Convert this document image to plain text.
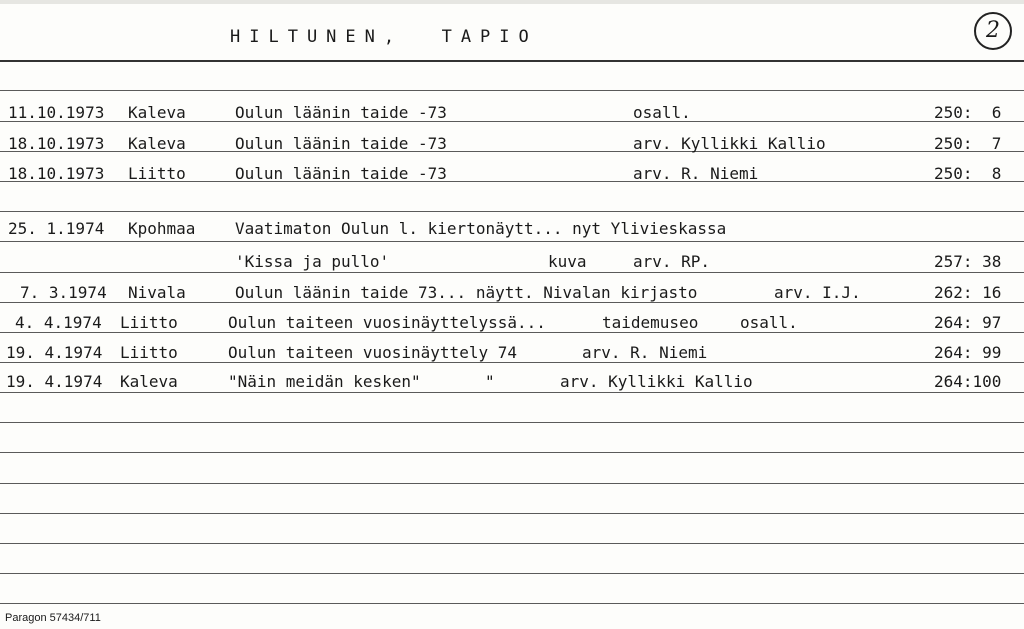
HILTUNEN,  TAPIO	2
11.10.1973 Kaleva	Oulun läänin taide -73	osall.	250:  6
18.10.1973 Kaleva	Oulun läänin taide -73	arv. Kyllikki Kallio	250:  7
18.10.1973 Liitto	Oulun läänin taide -73	arv. R. Niemi	250:  8
25. 1.1974 Kpohmaa Vaatimaton Oulun l. kiertonäytt... nyt Ylivieskassa
'Kissa ja pullo'	kuva	arv. RP.	257: 38
7. 3.1974 Nivala	Oulun läänin taide 73... näytt. Nivalan kirjasto	arv. I.J.	262: 16
4. 4.1974 Liitto	Oulun taiteen vuosinäyttelyssä...	taidemuseo	osall.	264: 97
19. 4.1974 Liitto	Oulun taiteen vuosinäyttely 74	arv. R. Niemi	264: 99
19. 4.1974 Kaleva	"Näin meidän kesken"	"	arv. Kyllikki Kallio	264:100
Paragon 57434/711
